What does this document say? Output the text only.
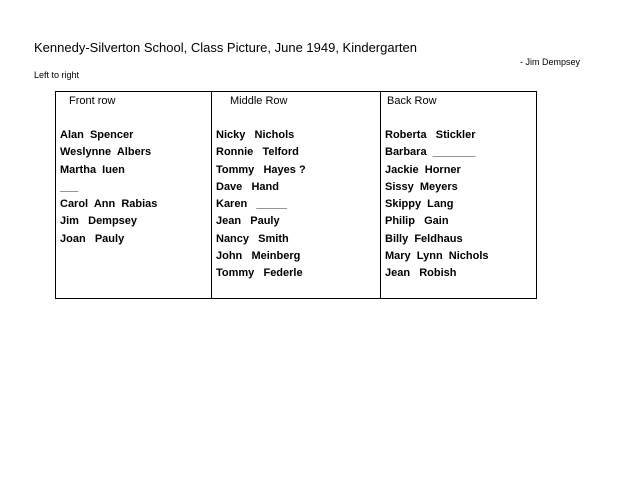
Kennedy-Silverton School, Class Picture, June 1949, Kindergarten
- Jim Dempsey
Left to right
Front row
Alan  Spencer
Weslynne  Albers
Martha  Iuen
___
Carol  Ann  Rabias
Jim   Dempsey
Joan   Pauly
Middle Row
Nicky   Nichols
Ronnie   Telford
Tommy   Hayes ?
Dave   Hand
Karen   _____
Jean   Pauly
Nancy   Smith
John   Meinberg
Tommy   Federle
Back Row
Roberta   Stickler
Barbara  _______
Jackie  Horner
Sissy  Meyers
Skippy  Lang
Philip   Gain
Billy  Feldhaus
Mary  Lynn  Nichols
Jean   Robish
